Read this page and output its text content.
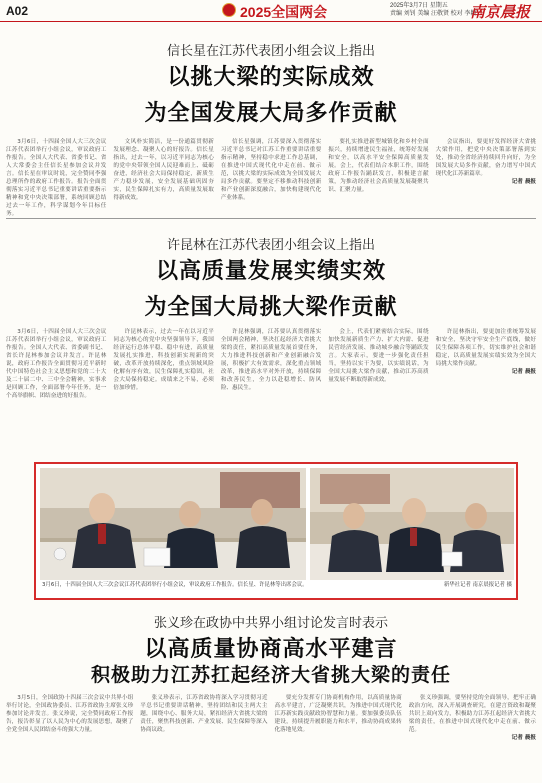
A02	2025全国两会	2025年3月7日 星期五
责编 刘钊 美编 汪敬贤 校对 李颖
南京晨报
信长星在江苏代表团小组会议上指出
以挑大梁的实际成效
为全国发展大局多作贡献

3月6日，十四届全国人大三次会议江苏代表团举行小组会议，审议政府工作报告。全国人大代表、省委书记、省人大常委会主任信长星参加会议并发言。信长星在审议时说，完全赞同李强总理所作的政府工作报告。报告全面贯彻落实习近平总书记重要讲话重要指示精神和党中央决策部署，系统回顾总结过去一年工作，科学谋划今年目标任务。

文风朴实简洁，是一份通篇贯彻新发展理念、凝聚人心的好报告。信长星指出，过去一年，以习近平同志为核心的党中央带领全国人民迎难而上、砥砺奋进，经济社会大局保持稳定，新质生产力稳步发展，安全发展基础巩固夯实，民生保障扎实有力，高质量发展取得新成效。

信长星强调，江苏要深入贯彻落实习近平总书记对江苏工作重要讲话重要指示精神，坚持稳中求进工作总基调，在推进中国式现代化中走在前、做示范，以挑大梁的实际成效为全国发展大局多作贡献。要坚定不移推动科技创新和产业创新深度融合，加快构建现代化产业体系。

要扎实推进新型城镇化和乡村全面振兴，持续增进民生福祉，统筹好发展和安全，以高水平安全保障高质量发展。会上，代表们结合本职工作，围绕政府工作报告踊跃发言，积极建言献策，为推动经济社会高质量发展凝聚共识、汇聚力量。

会议指出，要更好发挥经济大省挑大梁作用，把党中央决策部署落到实处，推动全省经济持续回升向好，为全国发展大局多作贡献，奋力谱写中国式现代化江苏新篇章。

记者 晨报
许昆林在江苏代表团小组会议上指出
以高质量发展实绩实效
为全国大局挑大梁作贡献

3月6日，十四届全国人大三次会议江苏代表团举行小组会议，审议政府工作报告。全国人大代表、省委副书记、省长许昆林参加会议并发言。许昆林说，政府工作报告全面贯彻习近平新时代中国特色社会主义思想和党的二十大及二十届二中、三中全会精神，实事求是回顾工作，全面部署今年任务，是一个高举旗帜、团结奋进的好报告。

许昆林表示，过去一年在以习近平同志为核心的党中央坚强领导下，我国经济运行总体平稳、稳中有进，高质量发展扎实推进，科技创新实现新的突破，改革开放持续深化，重点领域风险化解有序有效，民生保障扎实稳固，社会大局保持稳定。成绩来之不易，必须倍加珍惜。

许昆林强调，江苏要认真贯彻落实全国两会精神，坚决扛起经济大省挑大梁的责任，紧扣高质量发展首要任务，大力推进科技创新和产业创新融合发展，积极扩大有效需求，深化重点领域改革，推进高水平对外开放，持续保障和改善民生，全力以赴稳增长、防风险、惠民生。

会上，代表们紧密结合实际，围绕加快发展新质生产力、扩大内需、促进民营经济发展、推动城乡融合等踊跃发言。大家表示，要进一步强化责任担当，坚持以实干为要，以实绩说话，为全国大局挑大梁作贡献，推动江苏高质量发展不断取得新成效。

许昆林指出，要更加注重统筹发展和安全，坚决守牢安全生产底线，做好民生保障各项工作，切实维护社会和谐稳定，以高质量发展实绩实效为全国大局挑大梁作贡献。

记者 晨报
3月6日，十四届全国人大三次会议江苏代表团举行小组会议，审议政府工作报告。信长星、许昆林等出席会议。	新华社记者 南京晨报记者 摄
张义珍在政协中共界小组讨论发言时表示
以高质量协商高水平建言
积极助力江苏扛起经济大省挑大梁的责任

3月5日，全国政协十四届三次会议中共界小组举行讨论，全国政协委员、江苏省政协主席张义珍参加讨论并发言。张义珍说，完全赞同政府工作报告，报告彰显了以人民为中心的发展思想，凝聚了全党全国人民团结奋斗的强大力量。

张义珍表示，江苏省政协将深入学习贯彻习近平总书记重要讲话精神，坚持团结和民主两大主题，围绕中心、服务大局，紧扣经济大省挑大梁的责任，聚焦科技创新、产业发展、民生保障等深入协商议政。

要充分发挥专门协商机构作用，以高质量协商高水平建言，广泛凝聚共识，为推进中国式现代化江苏新实践贡献政协智慧和力量。要加强委员队伍建设，持续提升履职能力和水平，推动协商成果转化落地见效。

张义珍强调，要坚持党的全面领导，把牢正确政治方向，深入开展调查研究，在建言资政和凝聚共识上双向发力，积极助力江苏扛起经济大省挑大梁的责任，在推进中国式现代化中走在前、做示范。

记者 晨报
